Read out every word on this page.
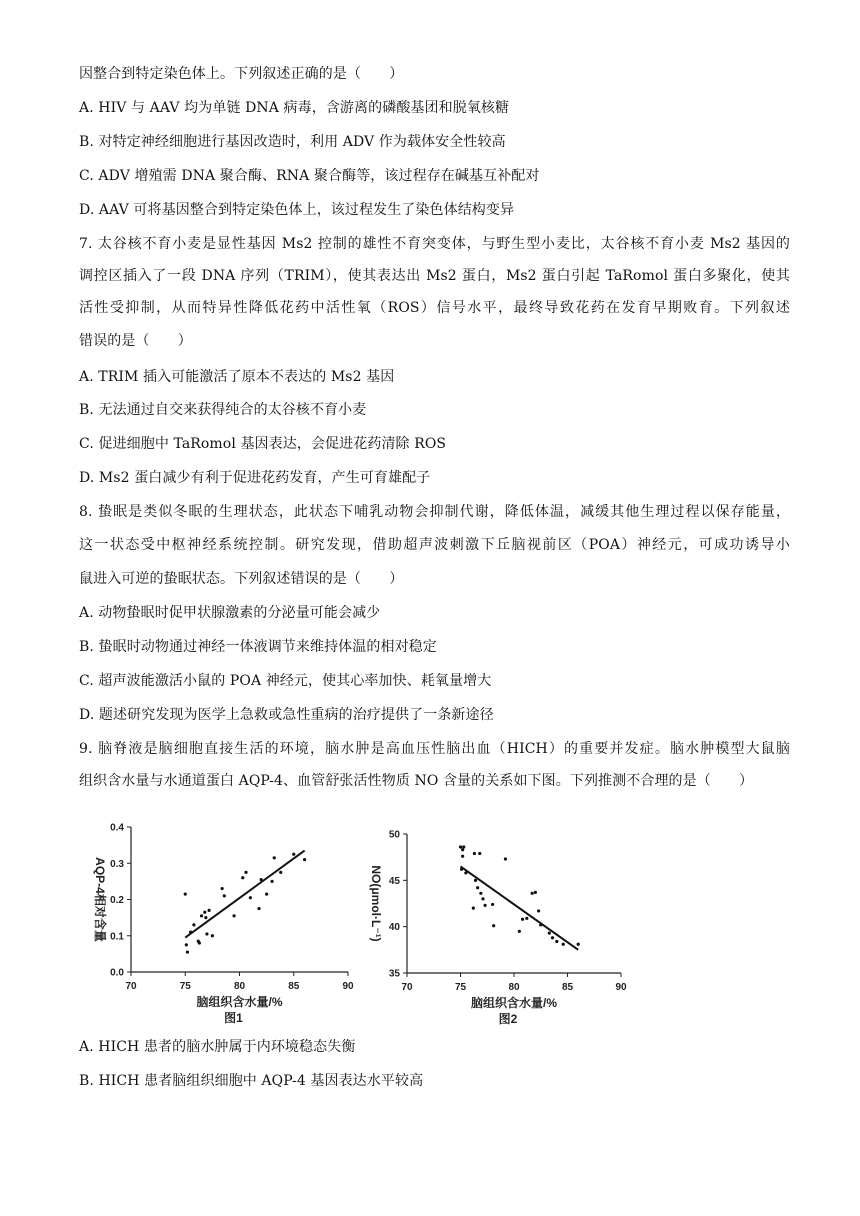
因整合到特定染色体上。下列叙述正确的是（　　）
A. HIV 与 AAV 均为单链 DNA 病毒，含游离的磷酸基团和脱氧核糖
B. 对特定神经细胞进行基因改造时，利用 ADV 作为载体安全性较高
C. ADV 增殖需 DNA 聚合酶、RNA 聚合酶等，该过程存在碱基互补配对
D. AAV 可将基因整合到特定染色体上，该过程发生了染色体结构变异
7. 太谷核不育小麦是显性基因 Ms2 控制的雄性不育突变体，与野生型小麦比，太谷核不育小麦 Ms2 基因的
调控区插入了一段 DNA 序列（TRIM），使其表达出 Ms2 蛋白，Ms2 蛋白引起 TaRomol 蛋白多聚化，使其
活性受抑制，从而特异性降低花药中活性氧（ROS）信号水平，最终导致花药在发育早期败育。下列叙述
错误的是（　　）
A. TRIM 插入可能激活了原本不表达的 Ms2 基因
B. 无法通过自交来获得纯合的太谷核不育小麦
C. 促进细胞中 TaRomol 基因表达，会促进花药清除 ROS
D. Ms2 蛋白减少有利于促进花药发育，产生可育雄配子
8. 蛰眠是类似冬眠的生理状态，此状态下哺乳动物会抑制代谢，降低体温，减缓其他生理过程以保存能量，
这一状态受中枢神经系统控制。研究发现，借助超声波刺激下丘脑视前区（POA）神经元，可成功诱导小
鼠进入可逆的蛰眠状态。下列叙述错误的是（　　）
A. 动物蛰眠时促甲状腺激素的分泌量可能会减少
B. 蛰眠时动物通过神经一体液调节来维持体温的相对稳定
C. 超声波能激活小鼠的 POA 神经元，使其心率加快、耗氧量增大
D. 题述研究发现为医学上急救或急性重病的治疗提供了一条新途径
9. 脑脊液是脑细胞直接生活的环境，脑水肿是高血压性脑出血（HICH）的重要并发症。脑水肿模型大鼠脑
组织含水量与水通道蛋白 AQP-4、血管舒张活性物质 NO 含量的关系如下图。下列推测不合理的是（　　）
70	75	80	85	90
0.0
0.1
0.2
0.3
0.4
AQP-4相对含量
脑组织含水量/%
图1
70	75	80	85	90
35
40
45
50
NO(μmol·L⁻¹)
脑组织含水量/%
图2
A. HICH 患者的脑水肿属于内环境稳态失衡
B. HICH 患者脑组织细胞中 AQP-4 基因表达水平较高
